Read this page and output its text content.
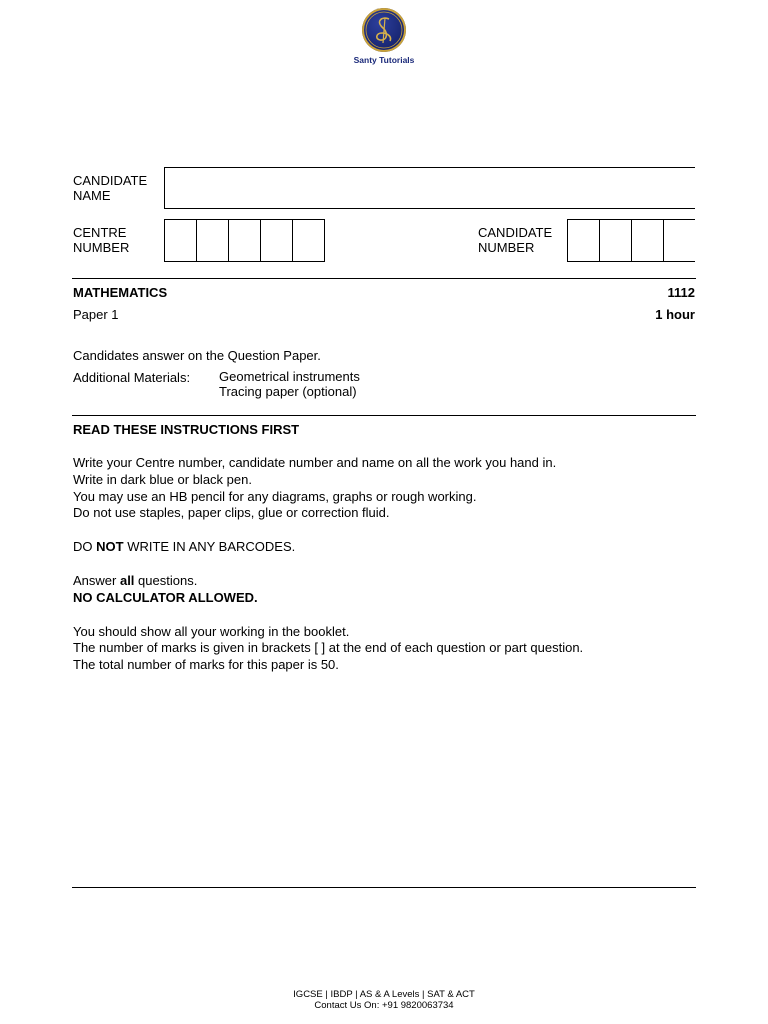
Santy Tutorials
CANDIDATE
NAME
CENTRE
NUMBER
CANDIDATE
NUMBER
MATHEMATICS	1112
Paper 1	1 hour
Candidates answer on the Question Paper.
Additional Materials: Geometrical instruments
Tracing paper (optional)
READ THESE INSTRUCTIONS FIRST

Write your Centre number, candidate number and name on all the work you hand in.

Write in dark blue or black pen.

You may use an HB pencil for any diagrams, graphs or rough working.

Do not use staples, paper clips, glue or correction fluid.

DO NOT WRITE IN ANY BARCODES.

Answer all questions.

NO CALCULATOR ALLOWED.

You should show all your working in the booklet.

The number of marks is given in brackets [ ] at the end of each question or part question.

The total number of marks for this paper is 50.

IGCSE | IBDP | AS & A Levels | SAT & ACT
Contact Us On: +91 9820063734
